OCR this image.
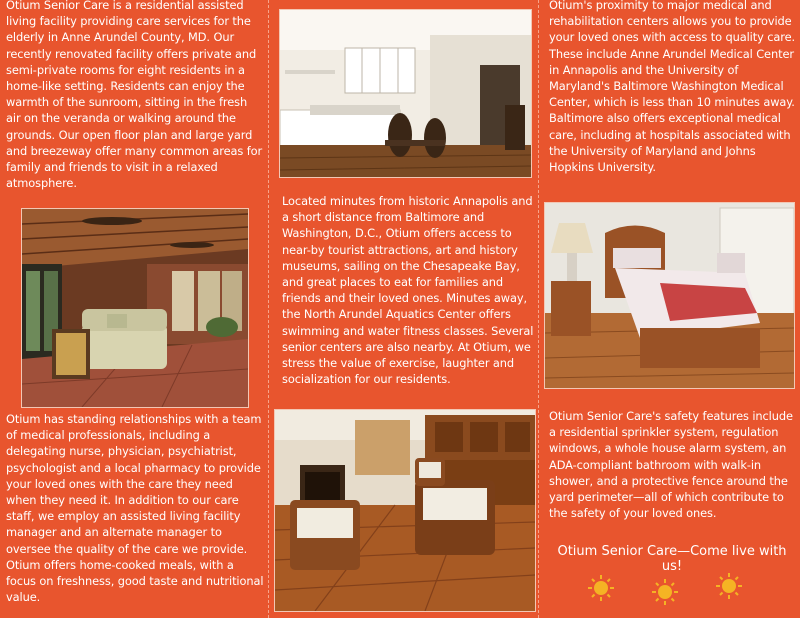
Otium Senior Care is a residential assisted living facility providing care services for the elderly in Anne Arundel County, MD. Our recently renovated facility offers private and semi-private rooms for eight residents in a home-like setting. Residents can enjoy the warmth of the sunroom, sitting in the fresh air on the veranda or walking around the grounds. Our open floor plan and large yard and breezeway offer many common areas for family and friends to visit in a relaxed atmosphere.
Otium has standing relationships with a team of medical professionals, including a delegating nurse, physician, psychiatrist, psychologist and a local pharmacy to provide your loved ones with the care they need when they need it. In addition to our care staff, we employ an assisted living facility manager and an alternate manager to oversee the quality of the care we provide. Otium offers home-cooked meals, with a focus on freshness, good taste and nutritional value.
Located minutes from historic Annapolis and a short distance from Baltimore and Washington, D.C., Otium offers access to near-by tourist attractions, art and history museums, sailing on the Chesapeake Bay, and great places to eat for families and friends and their loved ones. Minutes away, the North Arundel Aquatics Center offers swimming and water fitness classes. Several senior centers are also nearby. At Otium, we stress the value of exercise, laughter and socialization for our residents.
Otium's proximity to major medical and rehabilitation centers allows you to provide your loved ones with access to quality care. These include Anne Arundel Medical Center in Annapolis and the University of Maryland's Baltimore Washington Medical Center, which is less than 10 minutes away. Baltimore also offers exceptional medical care, including at hospitals associated with the University of Maryland and Johns Hopkins University.
Otium Senior Care's safety features include a residential sprinkler system, regulation windows, a whole house alarm system, an ADA-compliant bathroom with walk-in shower, and a protective fence around the yard perimeter—all of which contribute to the safety of your loved ones.
Otium Senior Care—Come live with us!
